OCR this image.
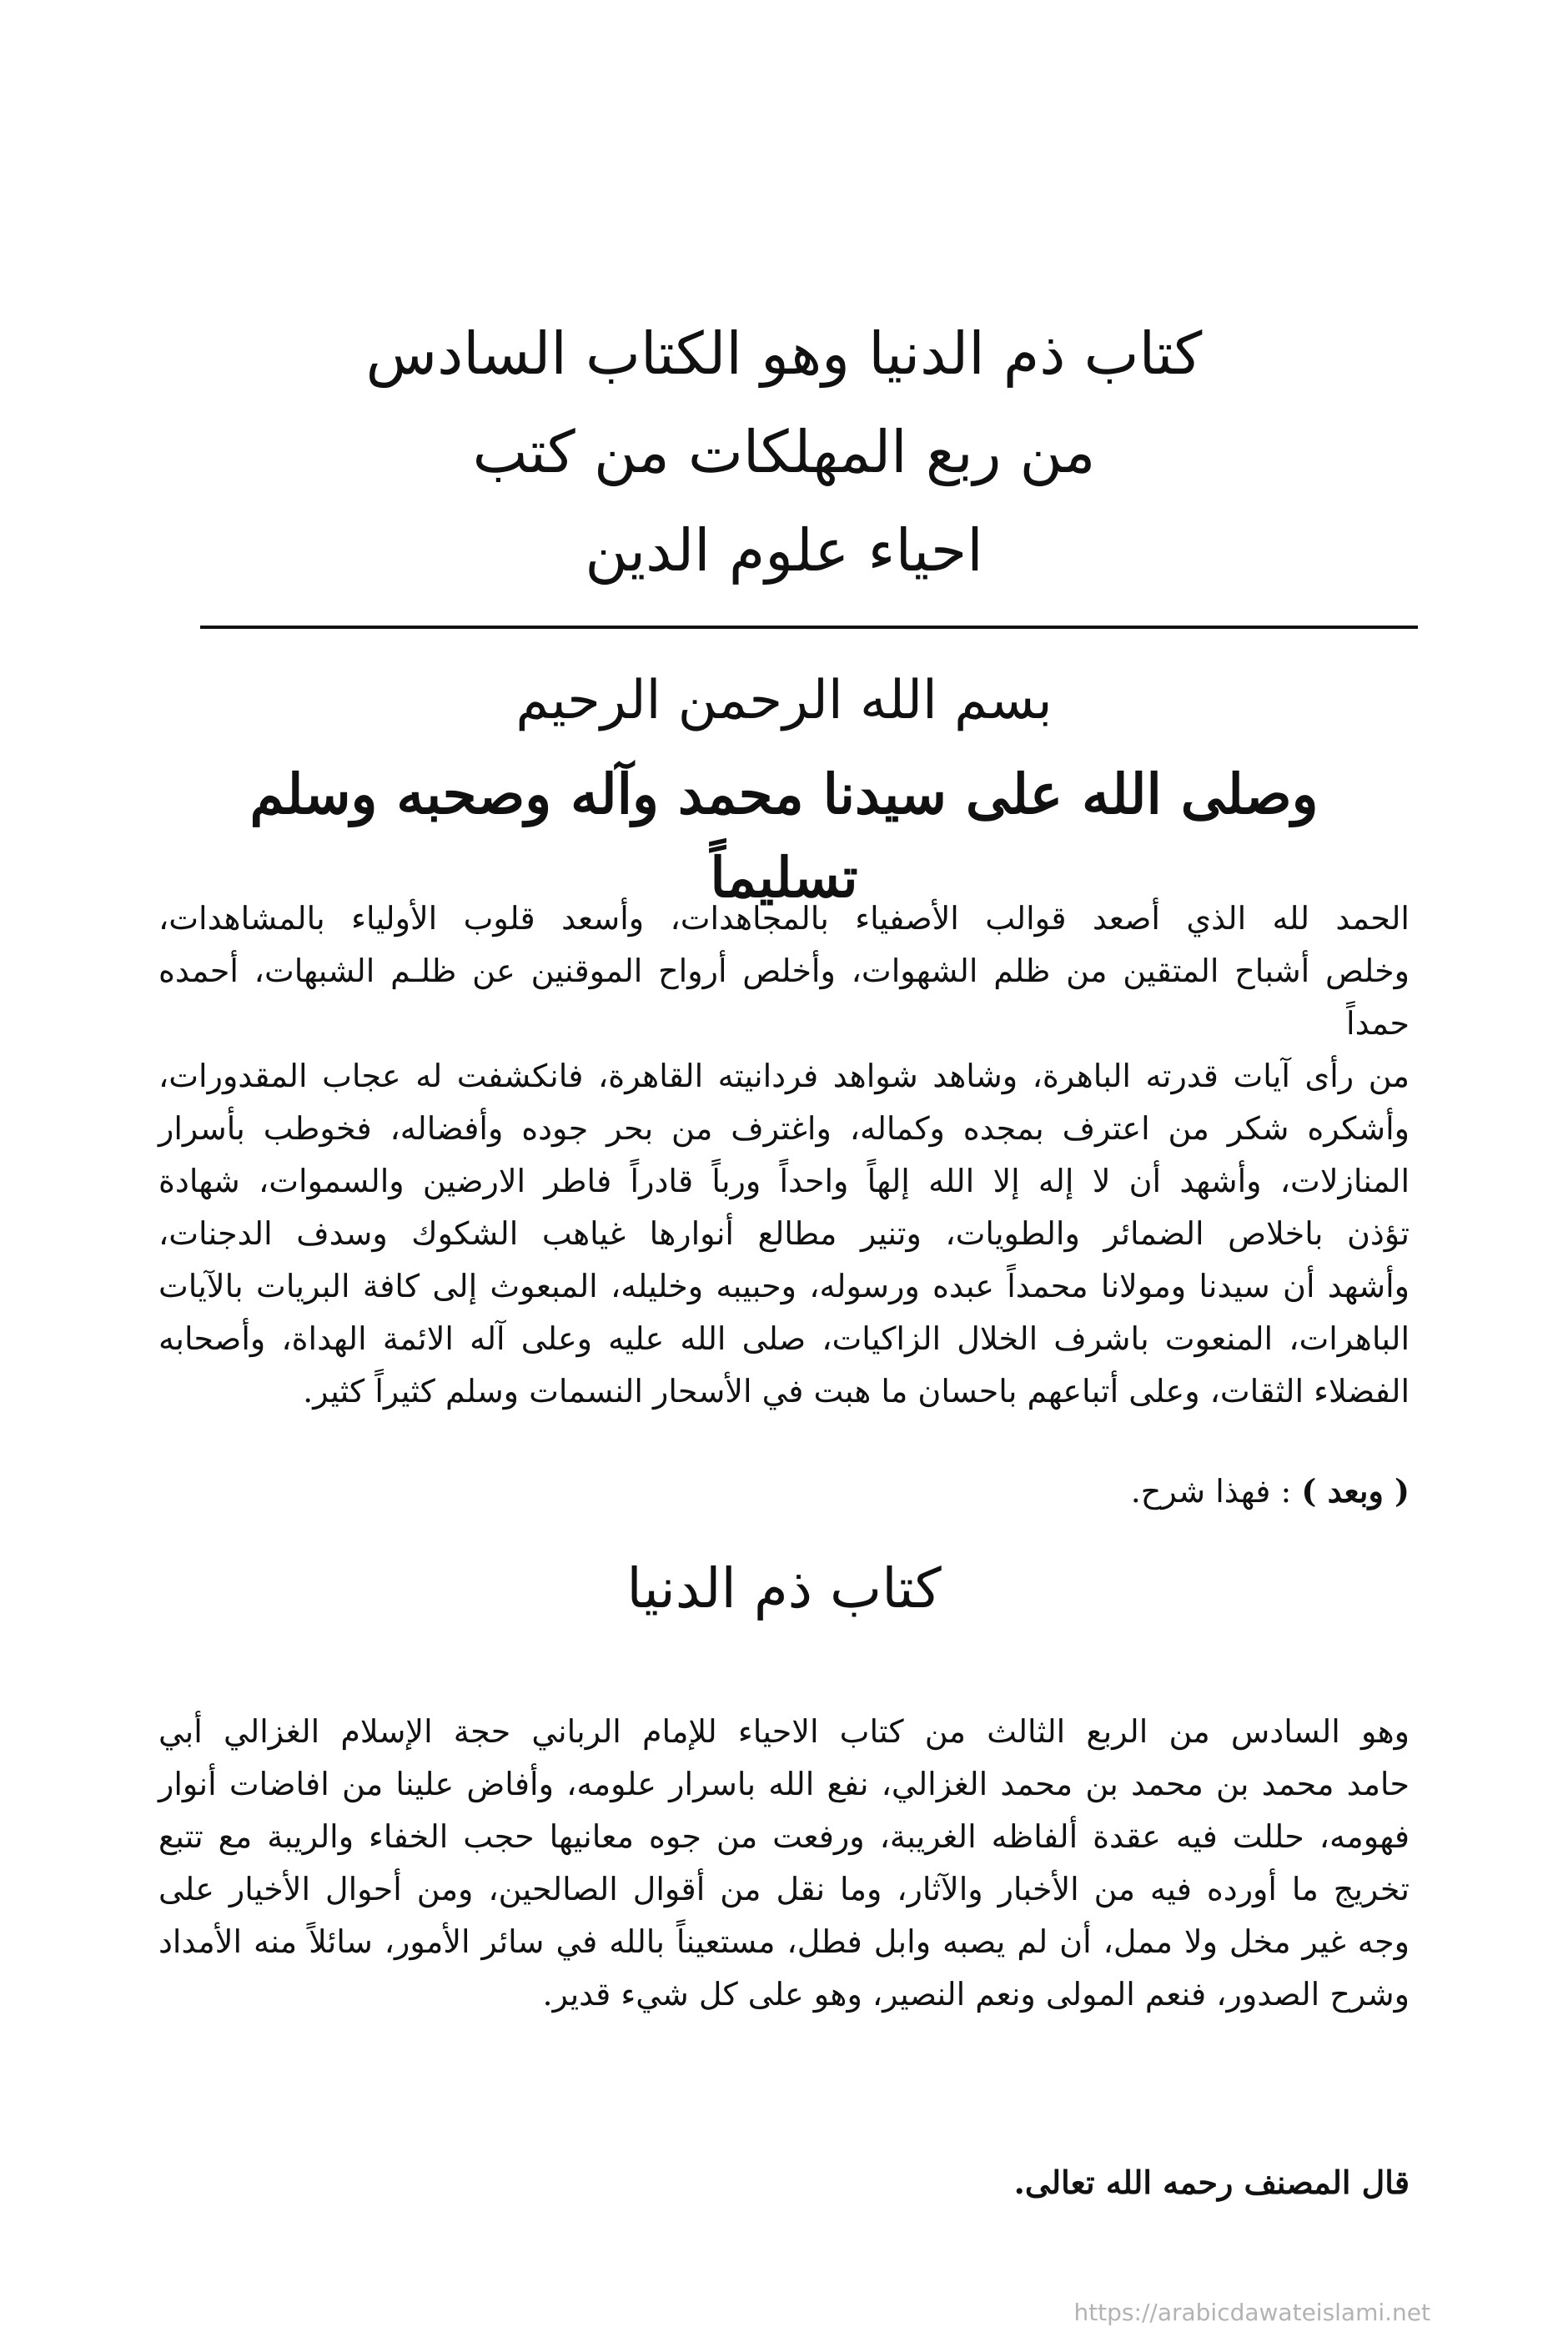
كتاب ذم الدنيا وهو الكتاب السادس
من ربع المهلكات من كتب
احياء علوم الدين
بسم الله الرحمن الرحيم
وصلى الله على سيدنا محمد وآله وصحبه وسلم تسليماً
الحمد لله الذي أصعد قوالب الأصفياء بالمجاهدات، وأسعد قلوب الأولياء بالمشاهدات،
وخلص أشباح المتقين من ظلم الشهوات، وأخلص أرواح الموقنين عن ظلـم الشبهات، أحمده حمداً
من رأى آيات قدرته الباهرة، وشاهد شواهد فردانيته القاهرة، فانكشفت له عجاب المقدورات،
وأشكره شكر من اعترف بمجده وكماله، واغترف من بحر جوده وأفضاله، فخوطب بأسرار
المنازلات، وأشهد أن لا إله إلا الله إلهاً واحداً ورباً قادراً فاطر الارضين والسموات، شهادة
تؤذن باخلاص الضمائر والطويات، وتنير مطالع أنوارها غياهب الشكوك وسدف الدجنات،
وأشهد أن سيدنا ومولانا محمداً عبده ورسوله، وحبيبه وخليله، المبعوث إلى كافة البريات بالآيات
الباهرات، المنعوت باشرف الخلال الزاكيات، صلى الله عليه وعلى آله الائمة الهداة، وأصحابه
الفضلاء الثقات، وعلى أتباعهم باحسان ما هبت في الأسحار النسمات وسلم كثيراً كثير.
( وبعد ) : فهذا شرح.
كتاب ذم الدنيا
وهو السادس من الربع الثالث من كتاب الاحياء للإمام الرباني حجة الإسلام الغزالي أبي
حامد محمد بن محمد بن محمد الغزالي، نفع الله باسرار علومه، وأفاض علينا من افاضات أنوار
فهومه، حللت فيه عقدة ألفاظه الغريبة، ورفعت من جوه معانيها حجب الخفاء والريبة مع تتبع
تخريج ما أورده فيه من الأخبار والآثار، وما نقل من أقوال الصالحين، ومن أحوال الأخيار على
وجه غير مخل ولا ممل، أن لم يصبه وابل فطل، مستعيناً بالله في سائر الأمور، سائلاً منه الأمداد
وشرح الصدور، فنعم المولى ونعم النصير، وهو على كل شيء قدير.
قال المصنف رحمه الله تعالى.
https://arabicdawateislami.net
